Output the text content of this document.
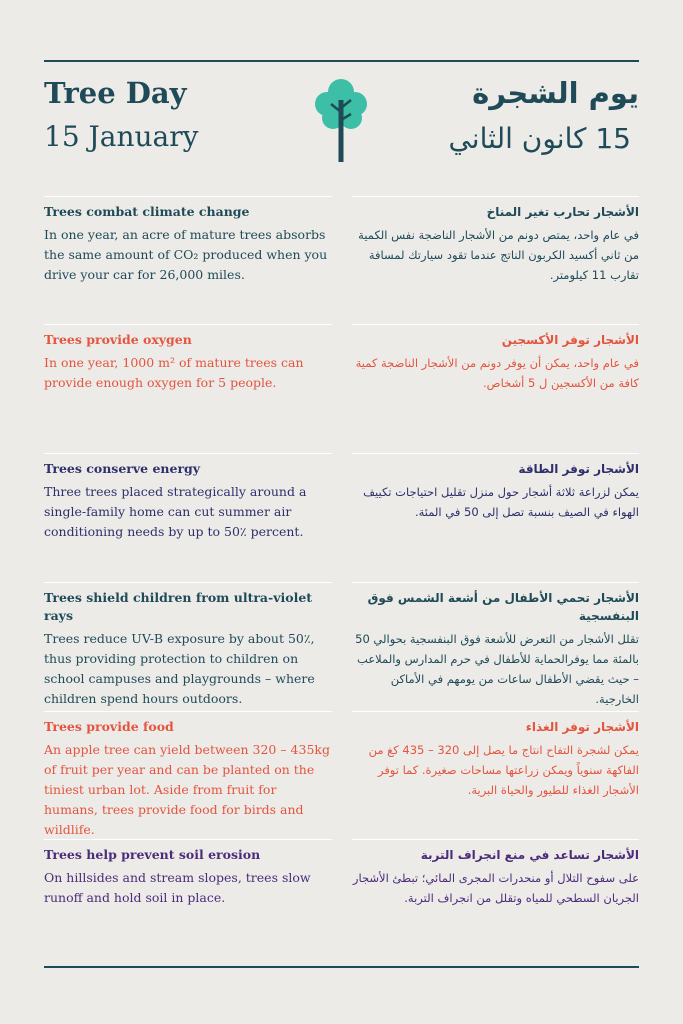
Tree Day
15 January
يوم الشجرة
15 كانون الثاني
Trees combat climate change

In one year, an acre of mature trees absorbs the same amount of CO₂ produced when you drive your car for 26,000 miles.

الأشجار تحارب تغير المناخ

في عام واحد، يمتص دونم من الأشجار الناضجة نفس الكمية من ثاني أكسيد الكربون الناتج عندما تقود سيارتك لمسافة تقارب 11 كيلومتر.

Trees provide oxygen

In one year, 1000 m² of mature trees can provide enough oxygen for 5 people.

الأشجار توفر الأكسجين

في عام واحد، يمكن أن يوفر دونم من الأشجار الناضجة كمية كافة من الأكسجين ل 5 أشخاص.

Trees conserve energy

Three trees placed strategically around a single-family home can cut summer air conditioning needs by up to 50٪ percent.

الأشجار توفر الطاقة

يمكن لزراعة ثلاثة أشجار حول منزل تقليل احتياجات تكييف الهواء في الصيف بنسبة تصل إلى 50 في المئة.

Trees shield children from ultra-violet rays

Trees reduce UV-B exposure by about 50٪, thus providing protection to children on school campuses and playgrounds – where children spend hours outdoors.

الأشجار تحمي الأطفال من أشعة الشمس فوق البنفسجية

تقلل الأشجار من التعرض للأشعة فوق البنفسجية بحوالي 50 بالمئة مما يوفرالحماية للأطفال في حرم المدارس والملاعب – حيث يقضي الأطفال ساعات من يومهم في الأماكن الخارجية.

Trees provide food

An apple tree can yield between 320 – 435kg of fruit per year and can be planted on the tiniest urban lot. Aside from fruit for humans, trees provide food for birds and wildlife.

الأشجار توفر الغذاء

يمكن لشجرة التفاح انتاج ما يصل إلى 320 – 435 كغ من الفاكهة سنوياً ويمكن زراعتها مساحات صغيرة. كما توفر الأشجار الغذاء للطيور والحياة البرية.

Trees help prevent soil erosion

On hillsides and stream slopes, trees slow runoff and hold soil in place.

الأشجار تساعد في منع انجراف التربة

على سفوح التلال أو منحدرات المجرى المائي؛ تبطئ الأشجار الجريان السطحي للمياه وتقلل من انجراف التربة.
